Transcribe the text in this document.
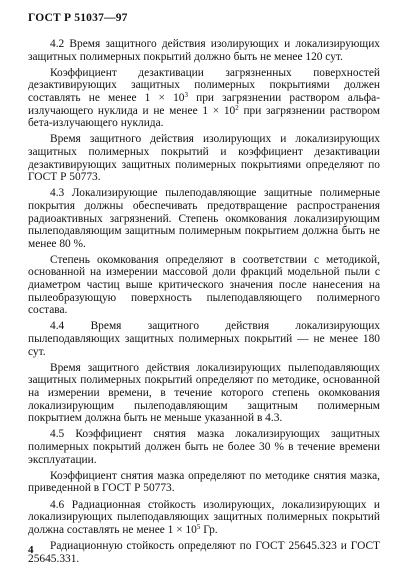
ГОСТ Р 51037—97

4.2 Время защитного действия изолирующих и локализирующих защитных полимерных покрытий должно быть не менее 120 сут.

Коэффициент дезактивации загрязненных поверхностей дезактивирующих защитных полимерных покрытиями должен составлять не менее $1 \times 10^3$ при загрязнении раствором альфа-излучающего нуклида и не менее $1 \times 10^2$ при загрязнении раствором бета-излучающего нуклида.

Время защитного действия изолирующих и локализирующих защитных полимерных покрытий и коэффициент дезактивации дезактивирующих защитных полимерных покрытиями определяют по ГОСТ Р 50773.

4.3 Локализирующие пылеподавляющие защитные полимерные покрытия должны обеспечивать предотвращение распространения радиоактивных загрязнений. Степень окомкования локализирующим пылеподавляющим защитным полимерным покрытием должна быть не менее 80 %.

Степень окомкования определяют в соответствии с методикой, основанной на измерении массовой доли фракций модельной пыли с диаметром частиц выше критического значения после нанесения на пылеобразующую поверхность пылеподавляющего полимерного состава.

4.4 Время защитного действия локализирующих пылеподавляющих защитных полимерных покрытий — не менее 180 сут.

Время защитного действия локализирующих пылеподавляющих защитных полимерных покрытий определяют по методике, основанной на измерении времени, в течение которого степень окомкования локализирующим пылеподавляющим защитным полимерным покрытием должна быть не меньше указанной в 4.3.

4.5 Коэффициент снятия мазка локализирующих защитных полимерных покрытий должен быть не более 30 % в течение времени эксплуатации.

Коэффициент снятия мазка определяют по методике снятия мазка, приведенной в ГОСТ Р 50773.

4.6 Радиационная стойкость изолирующих, локализирующих и локализирующих пылеподавляющих защитных полимерных покрытий должна составлять не менее $1 \times 10^5$ Гр.

Радиационную стойкость определяют по ГОСТ 25645.323 и ГОСТ 25645.331.

4
